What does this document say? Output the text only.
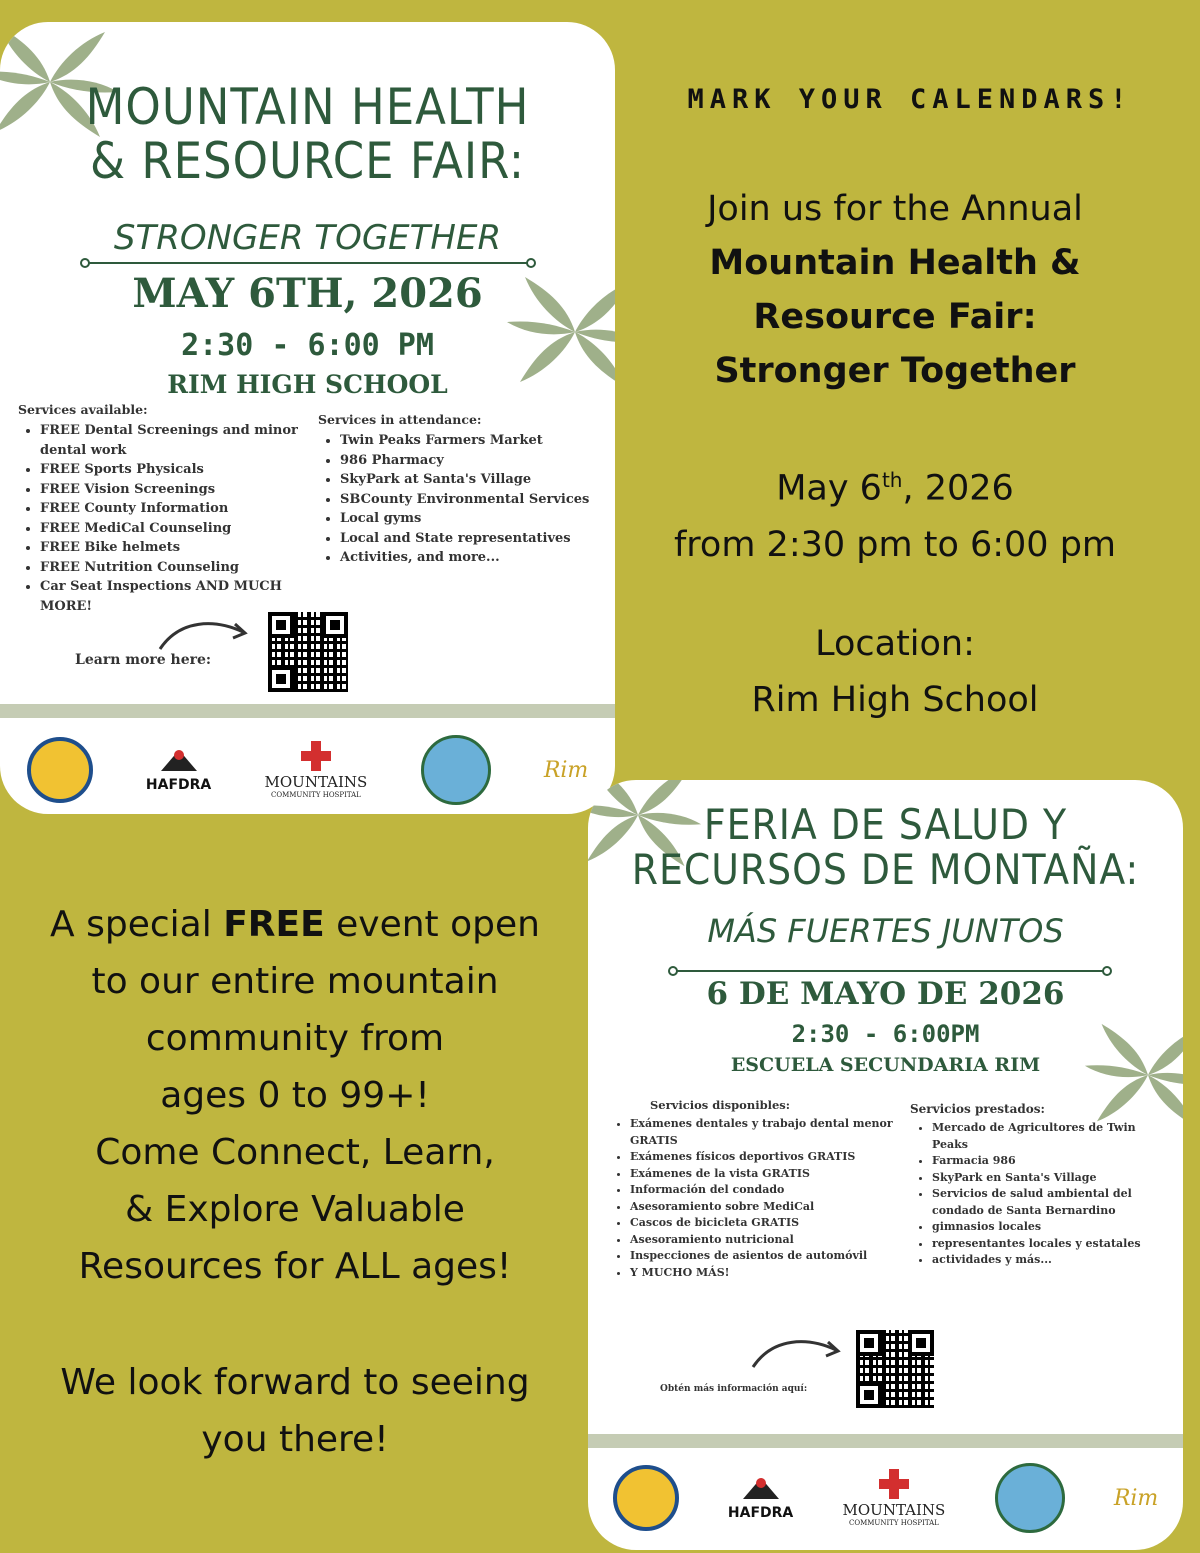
MOUNTAIN HEALTH
& RESOURCE FAIR:
STRONGER TOGETHER
MAY 6TH, 2026
2:30 - 6:00 PM
RIM HIGH SCHOOL
Services available:
• FREE Dental Screenings and minor dental work
• FREE Sports Physicals
• FREE Vision Screenings
• FREE County Information
• FREE MediCal Counseling
• FREE Bike helmets
• FREE Nutrition Counseling
• Car Seat Inspections AND MUCH MORE!
Services in attendance:
• Twin Peaks Farmers Market
• 986 Pharmacy
• SkyPark at Santa's Village
• SBCounty Environmental Services
• Local gyms
• Local and State representatives
• Activities, and more...
Learn more here:
HAFDRA	MOUNTAINS
COMMUNITY HOSPITAL
Rim
FERIA DE SALUD Y
RECURSOS DE MONTAÑA:
MÁS FUERTES JUNTOS
6 DE MAYO DE 2026
2:30 - 6:00PM
ESCUELA SECUNDARIA RIM
Servicios disponibles:
• Exámenes dentales y trabajo dental menor GRATIS
• Exámenes físicos deportivos GRATIS
• Exámenes de la vista GRATIS
• Información del condado
• Asesoramiento sobre MediCal
• Cascos de bicicleta GRATIS
• Asesoramiento nutricional
• Inspecciones de asientos de automóvil
• Y MUCHO MÁS!
Servicios prestados:
• Mercado de Agricultores de Twin Peaks
• Farmacia 986
• SkyPark en Santa's Village
• Servicios de salud ambiental del condado de Santa Bernardino
• gimnasios locales
• representantes locales y estatales
• actividades y más...
Obtén más información aquí:
HAFDRA	MOUNTAINS
COMMUNITY HOSPITAL
Rim
MARK YOUR CALENDARS!
Join us for the Annual
Mountain Health &
Resource Fair:
Stronger Together
May 6th, 2026
from 2:30 pm to 6:00 pm
Location:
Rim High School
A special FREE event open
to our entire mountain
community from
ages 0 to 99+!
Come Connect, Learn,
& Explore Valuable
Resources for ALL ages!
We look forward to seeing
you there!
